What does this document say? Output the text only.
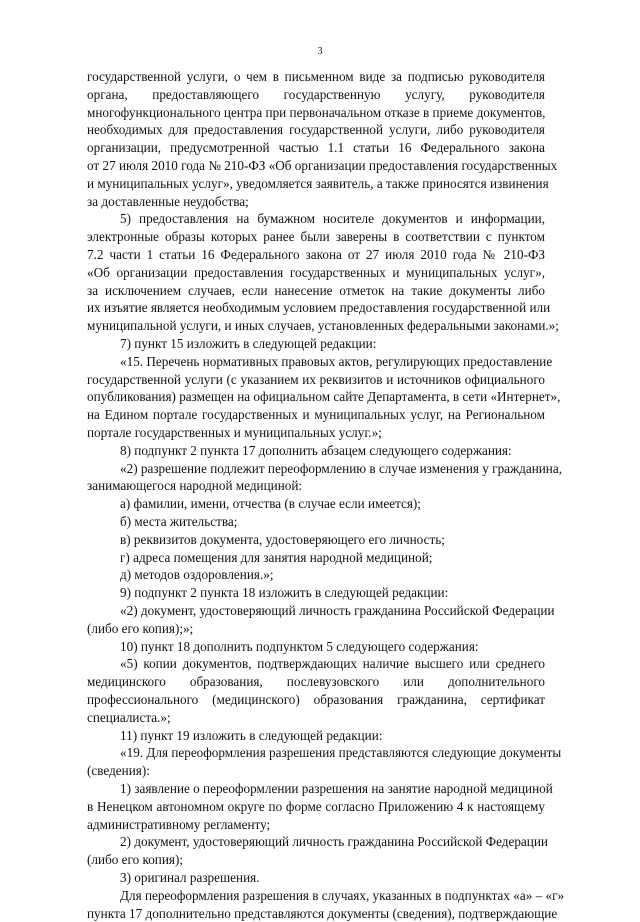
3
государственной услуги, о чем в письменном виде за подписью руководителя
органа, предоставляющего государственную услугу, руководителя
многофункционального центра при первоначальном отказе в приеме документов,
необходимых для предоставления государственной услуги, либо руководителя
организации, предусмотренной частью 1.1 статьи 16 Федерального закона
от 27 июля 2010 года № 210-ФЗ «Об организации предоставления государственных
и муниципальных услуг», уведомляется заявитель, а также приносятся извинения
за доставленные неудобства;
5) предоставления на бумажном носителе документов и информации,
электронные образы которых ранее были заверены в соответствии с пунктом
7.2 части 1 статьи 16 Федерального закона от 27 июля 2010 года № 210-ФЗ
«Об организации предоставления государственных и муниципальных услуг»,
за исключением случаев, если нанесение отметок на такие документы либо
их изъятие является необходимым условием предоставления государственной или
муниципальной услуги, и иных случаев, установленных федеральными законами.»;
7) пункт 15 изложить в следующей редакции:
«15. Перечень нормативных правовых актов, регулирующих предоставление
государственной услуги (с указанием их реквизитов и источников официального
опубликования) размещен на официальном сайте Департамента, в сети «Интернет»,
на Едином портале государственных и муниципальных услуг, на Региональном
портале государственных и муниципальных услуг.»;
8) подпункт 2 пункта 17 дополнить абзацем следующего содержания:
«2) разрешение подлежит переоформлению в случае изменения у гражданина,
занимающегося народной медициной:
а) фамилии, имени, отчества (в случае если имеется);
б) места жительства;
в) реквизитов документа, удостоверяющего его личность;
г) адреса помещения для занятия народной медициной;
д) методов оздоровления.»;
9) подпункт 2 пункта 18 изложить в следующей редакции:
«2) документ, удостоверяющий личность гражданина Российской Федерации
(либо его копия);»;
10) пункт 18 дополнить подпунктом 5 следующего содержания:
«5) копии документов, подтверждающих наличие высшего или среднего
медицинского образования, послевузовского или дополнительного
профессионального (медицинского) образования гражданина, сертификат
специалиста.»;
11) пункт 19 изложить в следующей редакции:
«19. Для переоформления разрешения представляются следующие документы
(сведения):
1) заявление о переоформлении разрешения на занятие народной медициной
в Ненецком автономном округе по форме согласно Приложению 4 к настоящему
административному регламенту;
2) документ, удостоверяющий личность гражданина Российской Федерации
(либо его копия);
3) оригинал разрешения.
Для переоформления разрешения в случаях, указанных в подпунктах «а» – «г»
пункта 17 дополнительно представляются документы (сведения), подтверждающие
